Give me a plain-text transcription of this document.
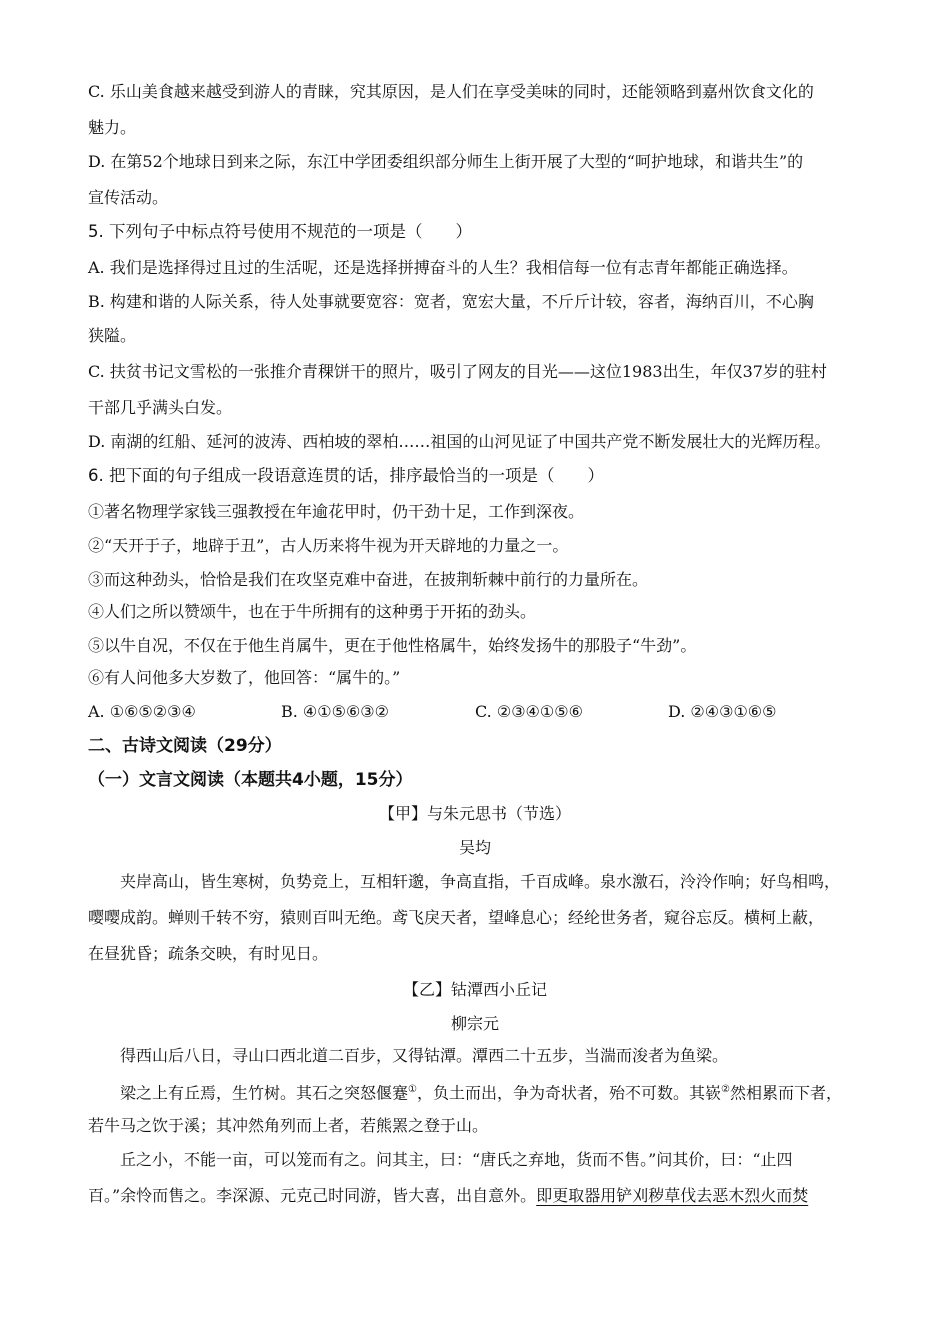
C. 乐山美食越来越受到游人的青睐，究其原因，是人们在享受美味的同时，还能领略到嘉州饮食文化的
魅力。
D. 在第52个地球日到来之际，东江中学团委组织部分师生上街开展了大型的“呵护地球，和谐共生”的
宣传活动。
5. 下列句子中标点符号使用不规范的一项是（　　）
A. 我们是选择得过且过的生活呢，还是选择拼搏奋斗的人生？我相信每一位有志青年都能正确选择。
B. 构建和谐的人际关系，待人处事就要宽容：宽者，宽宏大量，不斤斤计较，容者，海纳百川，不心胸
狭隘。
C. 扶贫书记文雪松的一张推介青稞饼干的照片，吸引了网友的目光——这位1983出生，年仅37岁的驻村
干部几乎满头白发。
D. 南湖的红船、延河的波涛、西柏坡的翠柏……祖国的山河见证了中国共产党不断发展壮大的光辉历程。
6. 把下面的句子组成一段语意连贯的话，排序最恰当的一项是（　　）
①著名物理学家钱三强教授在年逾花甲时，仍干劲十足，工作到深夜。
②“天开于子，地辟于丑”，古人历来将牛视为开天辟地的力量之一。
③而这种劲头，恰恰是我们在攻坚克难中奋进，在披荆斩棘中前行的力量所在。
④人们之所以赞颂牛，也在于牛所拥有的这种勇于开拓的劲头。
⑤以牛自况，不仅在于他生肖属牛，更在于他性格属牛，始终发扬牛的那股子“牛劲”。
⑥有人问他多大岁数了，他回答：“属牛的。”
A. ①⑥⑤②③④	B. ④①⑤⑥③②	C. ②③④①⑤⑥	D. ②④③①⑥⑤
二、古诗文阅读（29分）
（一）文言文阅读（本题共4小题，15分）
【甲】与朱元思书（节选）
吴均
夹岸高山，皆生寒树，负势竞上，互相轩邈，争高直指，千百成峰。泉水激石，泠泠作响；好鸟相鸣，
嘤嘤成韵。蝉则千转不穷，猿则百叫无绝。鸢飞戾天者，望峰息心；经纶世务者，窥谷忘反。横柯上蔽，
在昼犹昏；疏条交映，有时见日。
【乙】钴潭西小丘记
柳宗元
得西山后八日，寻山口西北道二百步，又得钴潭。潭西二十五步，当湍而浚者为鱼梁。
梁之上有丘焉，生竹树。其石之突怒偃蹇①，负土而出，争为奇状者，殆不可数。其嵚②然相累而下者，
若牛马之饮于溪；其冲然角列而上者，若熊罴之登于山。
丘之小，不能一亩，可以笼而有之。问其主，曰：“唐氏之弃地，货而不售。”问其价，曰：“止四
百。”余怜而售之。李深源、元克己时同游，皆大喜，出自意外。即更取器用铲刈秽草伐去恶木烈火而焚
